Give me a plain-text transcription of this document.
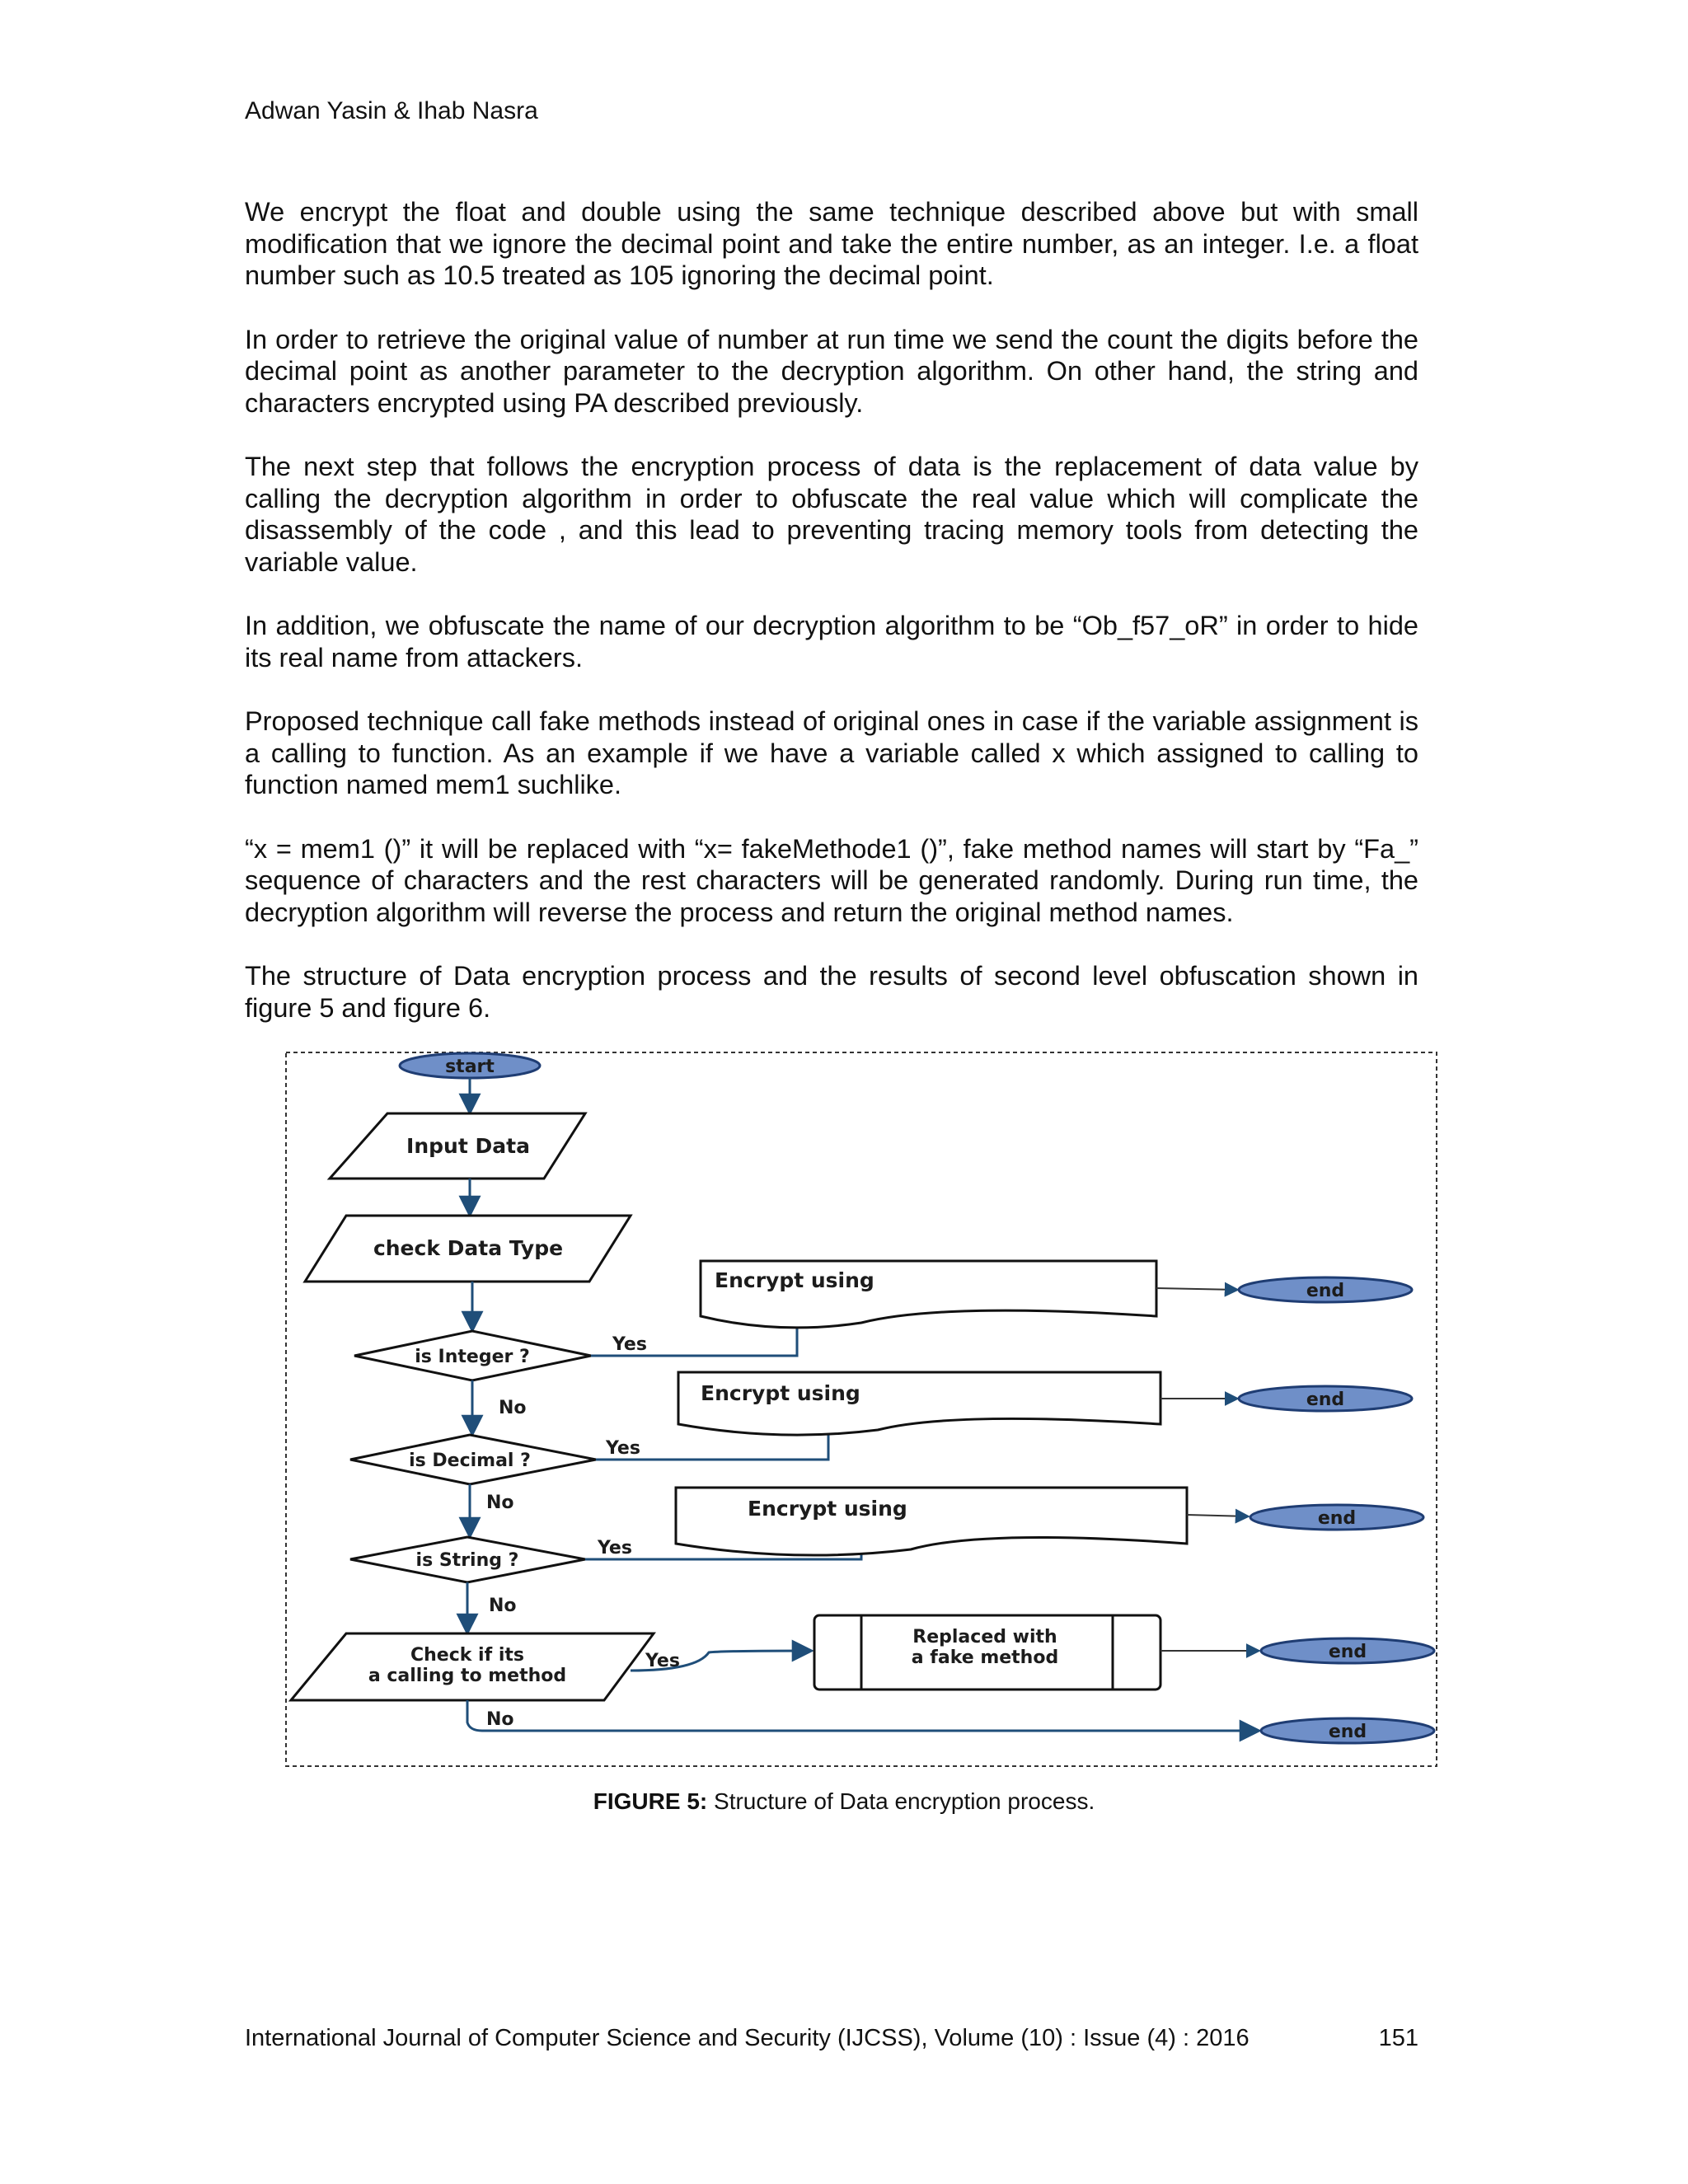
Adwan Yasin & Ihab Nasra

We encrypt the float and double using the same technique described above but with small modification that we ignore the decimal point and take the entire number, as an integer. I.e. a float number such as 10.5 treated as 105 ignoring the decimal point.

In order to retrieve the original value of number at run time we send the count the digits before the decimal point as another parameter to the decryption algorithm. On other hand, the string and characters encrypted using PA described previously.

The next step that follows the encryption process of data is the replacement of data value by calling the decryption algorithm in order to obfuscate the real value which will complicate the disassembly of the code , and this lead to preventing tracing memory tools from detecting the variable value.

In addition, we obfuscate the name of our decryption algorithm to be “Ob_f57_oR” in order to hide its real name from attackers.

Proposed technique call fake methods instead of original ones in case if the variable assignment is a calling to function. As an example if we have a variable called x which assigned to calling to function named mem1 suchlike.

“x = mem1 ()” it will be replaced with “x= fakeMethode1 ()”, fake method names will start by “Fa_” sequence of characters and the rest characters will be generated randomly. During run time, the decryption algorithm will reverse the process and return the original method names.

The structure of Data encryption process and the results of second level obfuscation shown in figure 5 and figure 6.

start
Input Data
check Data Type
is Integer ?
Yes
Encrypt using	end
No
is Decimal ?
Yes
Encrypt using	end
No
is String ?
Yes
Encrypt using	end
No
Check if its
a calling to method
Yes
Replaced with
a fake method	end
No
end
FIGURE 5: Structure of Data encryption process.
International Journal of Computer Science and Security (IJCSS), Volume (10) : Issue (4) : 2016	151
